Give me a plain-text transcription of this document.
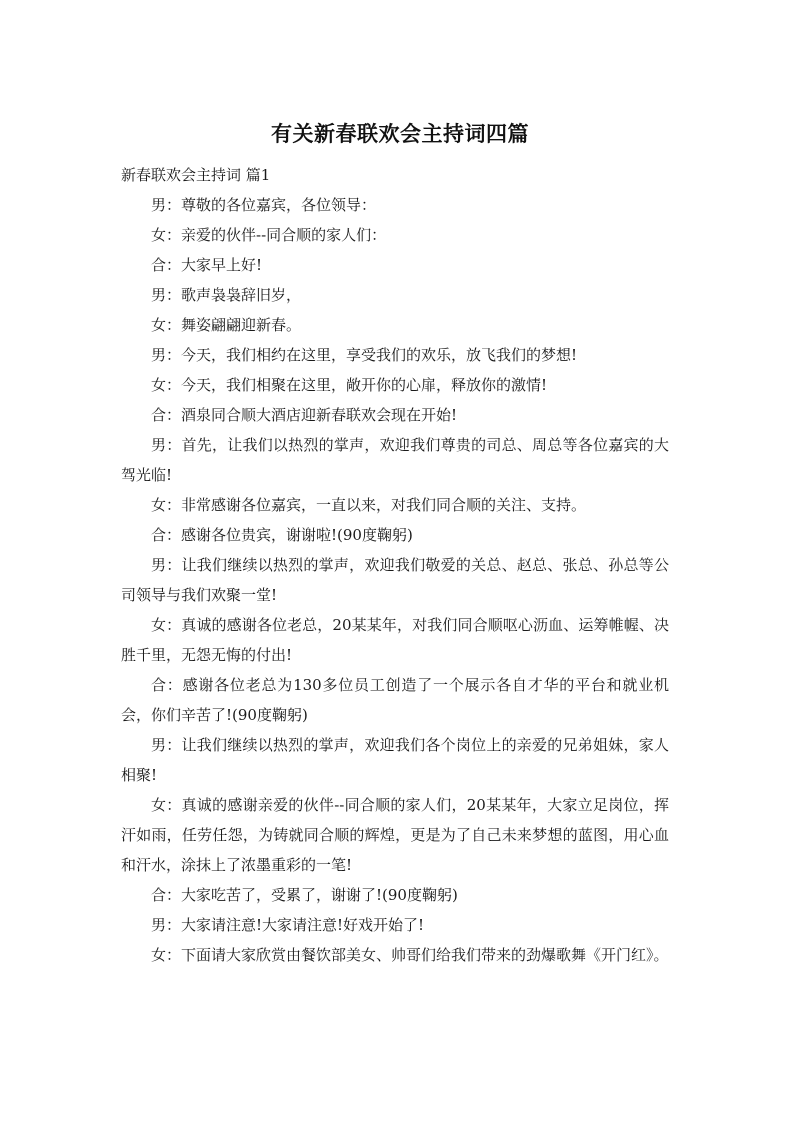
有关新春联欢会主持词四篇

新春联欢会主持词 篇1

男：尊敬的各位嘉宾，各位领导：

女：亲爱的伙伴--同合顺的家人们：

合：大家早上好!

男：歌声袅袅辞旧岁，

女：舞姿翩翩迎新春。

男：今天，我们相约在这里，享受我们的欢乐，放飞我们的梦想!

女：今天，我们相聚在这里，敞开你的心扉，释放你的激情!

合：酒泉同合顺大酒店迎新春联欢会现在开始!

男：首先，让我们以热烈的掌声，欢迎我们尊贵的司总、周总等各位嘉宾的大驾光临!

女：非常感谢各位嘉宾，一直以来，对我们同合顺的关注、支持。

合：感谢各位贵宾，谢谢啦!(90度鞠躬)

男：让我们继续以热烈的掌声，欢迎我们敬爱的关总、赵总、张总、孙总等公司领导与我们欢聚一堂!

女：真诚的感谢各位老总，20某某年，对我们同合顺呕心沥血、运筹帷幄、决胜千里，无怨无悔的付出!

合：感谢各位老总为130多位员工创造了一个展示各自才华的平台和就业机会，你们辛苦了!(90度鞠躬)

男：让我们继续以热烈的掌声，欢迎我们各个岗位上的亲爱的兄弟姐妹，家人相聚!

女：真诚的感谢亲爱的伙伴--同合顺的家人们，20某某年，大家立足岗位，挥汗如雨，任劳任怨，为铸就同合顺的辉煌，更是为了自己未来梦想的蓝图，用心血和汗水，涂抹上了浓墨重彩的一笔!

合：大家吃苦了，受累了，谢谢了!(90度鞠躬)

男：大家请注意!大家请注意!好戏开始了!

女：下面请大家欣赏由餐饮部美女、帅哥们给我们带来的劲爆歌舞《开门红》。
